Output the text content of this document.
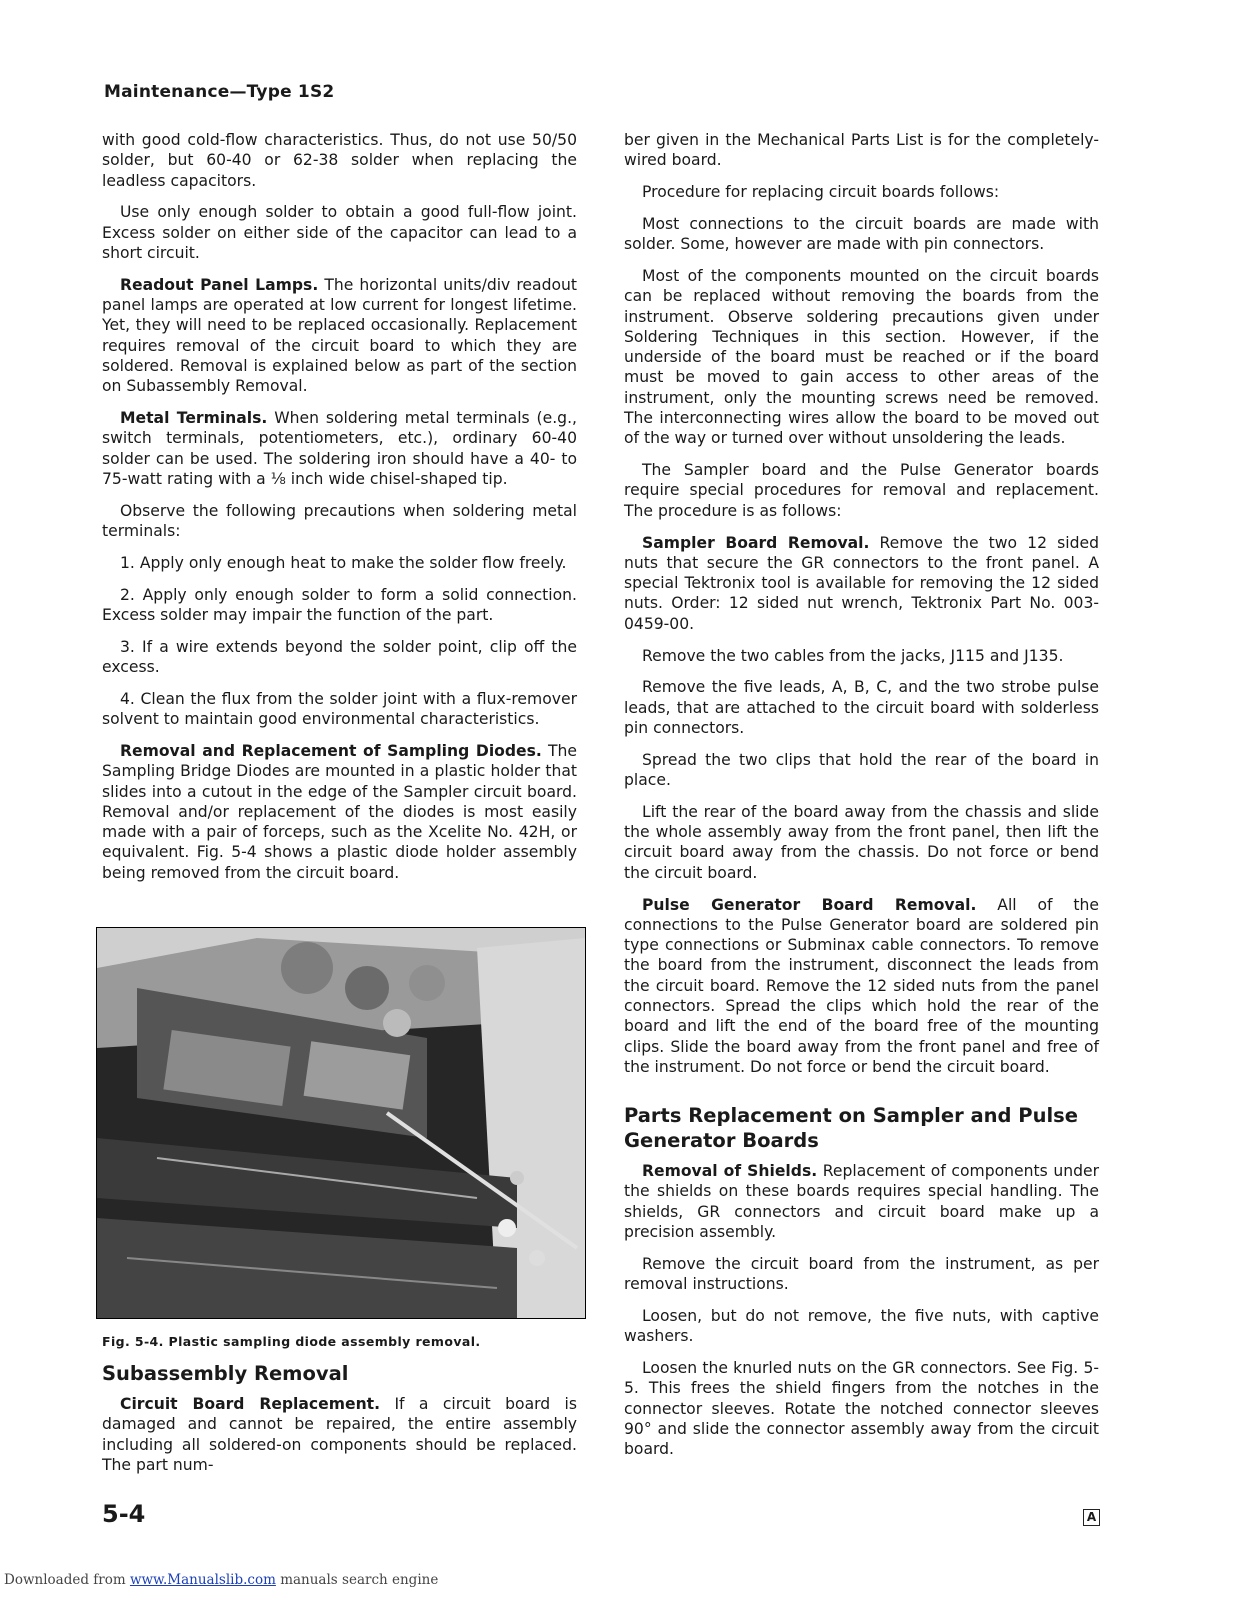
Maintenance—Type 1S2

with good cold-flow characteristics. Thus, do not use 50/50 solder, but 60-40 or 62-38 solder when replacing the leadless capacitors.

Use only enough solder to obtain a good full-flow joint. Excess solder on either side of the capacitor can lead to a short circuit.

Readout Panel Lamps. The horizontal units/div readout panel lamps are operated at low current for longest lifetime. Yet, they will need to be replaced occasionally. Replacement requires removal of the circuit board to which they are soldered. Removal is explained below as part of the section on Subassembly Removal.

Metal Terminals. When soldering metal terminals (e.g., switch terminals, potentiometers, etc.), ordinary 60-40 solder can be used. The soldering iron should have a 40- to 75-watt rating with a ⅛ inch wide chisel-shaped tip.

Observe the following precautions when soldering metal terminals:

1. Apply only enough heat to make the solder flow freely.

2. Apply only enough solder to form a solid connection. Excess solder may impair the function of the part.

3. If a wire extends beyond the solder point, clip off the excess.

4. Clean the flux from the solder joint with a flux-remover solvent to maintain good environmental characteristics.

Removal and Replacement of Sampling Diodes. The Sampling Bridge Diodes are mounted in a plastic holder that slides into a cutout in the edge of the Sampler circuit board. Removal and/or replacement of the diodes is most easily made with a pair of forceps, such as the Xcelite No. 42H, or equivalent. Fig. 5-4 shows a plastic diode holder assembly being removed from the circuit board.

Fig. 5-4. Plastic sampling diode assembly removal.
Subassembly Removal

Circuit Board Replacement. If a circuit board is damaged and cannot be repaired, the entire assembly including all soldered-on components should be replaced. The part num-

ber given in the Mechanical Parts List is for the completely-wired board.

Procedure for replacing circuit boards follows:

Most connections to the circuit boards are made with solder. Some, however are made with pin connectors.

Most of the components mounted on the circuit boards can be replaced without removing the boards from the instrument. Observe soldering precautions given under Soldering Techniques in this section. However, if the underside of the board must be reached or if the board must be moved to gain access to other areas of the instrument, only the mounting screws need be removed. The interconnecting wires allow the board to be moved out of the way or turned over without unsoldering the leads.

The Sampler board and the Pulse Generator boards require special procedures for removal and replacement. The procedure is as follows:

Sampler Board Removal. Remove the two 12 sided nuts that secure the GR connectors to the front panel. A special Tektronix tool is available for removing the 12 sided nuts. Order: 12 sided nut wrench, Tektronix Part No. 003-0459-00.

Remove the two cables from the jacks, J115 and J135.

Remove the five leads, A, B, C, and the two strobe pulse leads, that are attached to the circuit board with solderless pin connectors.

Spread the two clips that hold the rear of the board in place.

Lift the rear of the board away from the chassis and slide the whole assembly away from the front panel, then lift the circuit board away from the chassis. Do not force or bend the circuit board.

Pulse Generator Board Removal. All of the connections to the Pulse Generator board are soldered pin type connections or Subminax cable connectors. To remove the board from the instrument, disconnect the leads from the circuit board. Remove the 12 sided nuts from the panel connectors. Spread the clips which hold the rear of the board and lift the end of the board free of the mounting clips. Slide the board away from the front panel and free of the instrument. Do not force or bend the circuit board.

Parts Replacement on Sampler and Pulse Generator Boards

Removal of Shields. Replacement of components under the shields on these boards requires special handling. The shields, GR connectors and circuit board make up a precision assembly.

Remove the circuit board from the instrument, as per removal instructions.

Loosen, but do not remove, the five nuts, with captive washers.

Loosen the knurled nuts on the GR connectors. See Fig. 5-5. This frees the shield fingers from the notches in the connector sleeves. Rotate the notched connector sleeves 90° and slide the connector assembly away from the circuit board.

5-4	A
Downloaded from www.Manualslib.com manuals search engine
